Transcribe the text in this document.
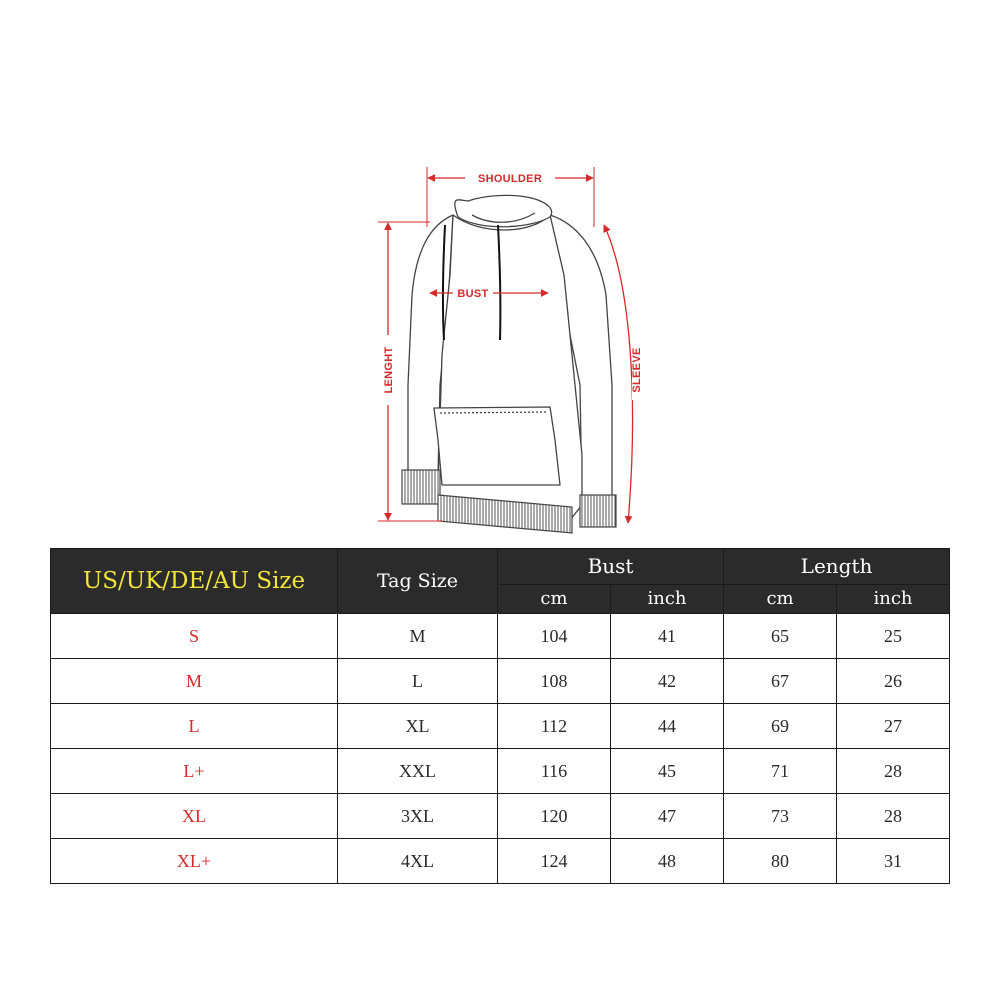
SHOULDER
BUST
LENGHT	SLEEVE
US/UK/DE/AU Size	Tag Size	Bust		Length	
		cm	inch	cm	inch
S	M	104	41	65	25
M	L	108	42	67	26
L	XL	112	44	69	27
L+	XXL	116	45	71	28
XL	3XL	120	47	73	28
XL+	4XL	124	48	80	31
